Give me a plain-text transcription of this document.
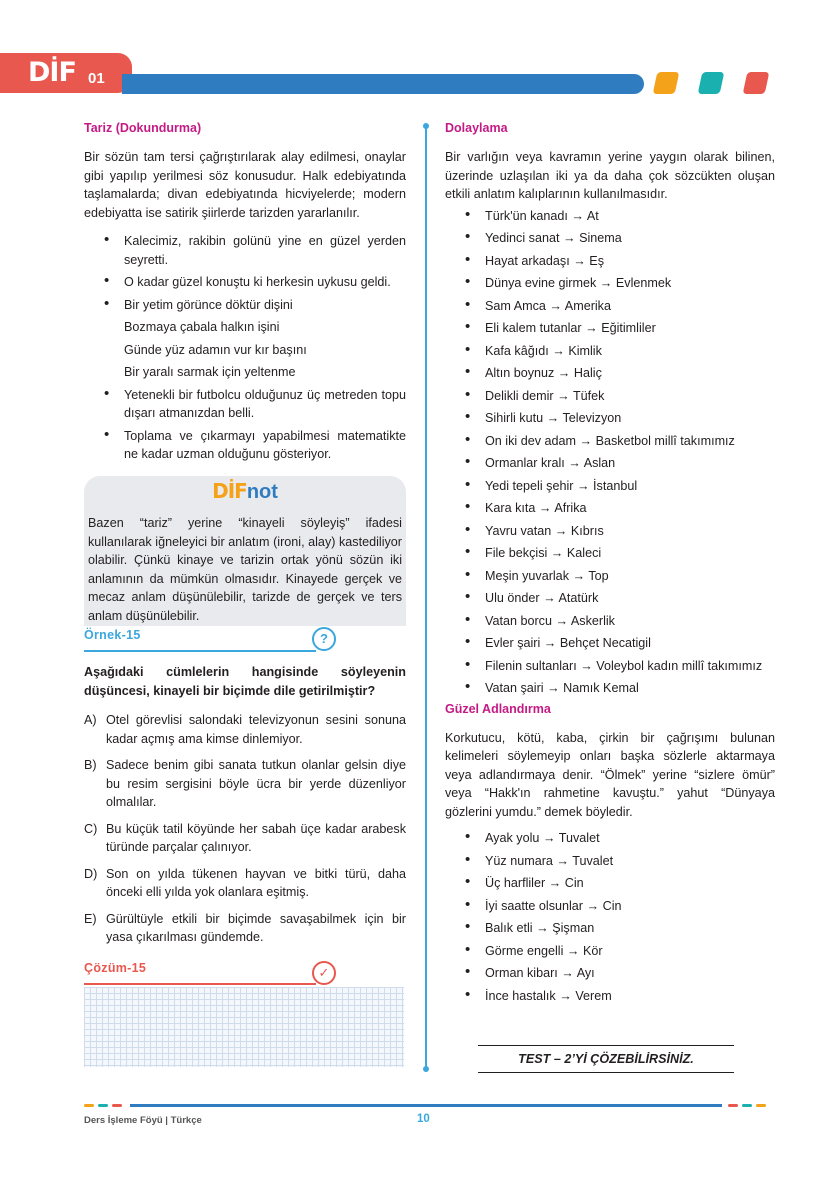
DİF 01
Tariz (Dokundurma)

Bir sözün tam tersi çağrıştırılarak alay edilmesi, onaylar gibi yapılıp yerilmesi söz konusudur. Halk edebiyatında taşlamalarda; divan edebiyatında hicviyelerde; modern edebiyatta ise satirik şiirlerde tarizden yararlanılır.

• Kalecimiz, rakibin golünü yine en güzel yerden seyretti.
• O kadar güzel konuştu ki herkesin uykusu geldi.
• Bir yetim görünce döktür dişini
Bozmaya çabala halkın işini
Günde yüz adamın vur kır başını
Bir yaralı sarmak için yeltenme
• Yetenekli bir futbolcu olduğunuz üç metreden topu dışarı atmanızdan belli.
• Toplama ve çıkarmayı yapabilmesi matematikte ne kadar uzman olduğunu gösteriyor.
DİFnot
Bazen “tariz” yerine “kinayeli söyleyiş” ifadesi kullanılarak iğneleyici bir anlatım (ironi, alay) kastediliyor olabilir. Çünkü kinaye ve tarizin ortak yönü sözün iki anlamının da mümkün olmasıdır. Kinayede gerçek ve mecaz anlam düşünülebilir, tarizde de gerçek ve ters anlam düşünülebilir.
Örnek-15	?
Aşağıdaki cümlelerin hangisinde söyleyenin düşüncesi, kinayeli bir biçimde dile getirilmiştir?
A) Otel görevlisi salondaki televizyonun sesini sonuna kadar açmış ama kimse dinlemiyor.
B) Sadece benim gibi sanata tutkun olanlar gelsin diye bu resim sergisini böyle ücra bir yerde düzenliyor olmalılar.
C) Bu küçük tatil köyünde her sabah üçe kadar arabesk türünde parçalar çalınıyor.
D) Son on yılda tükenen hayvan ve bitki türü, daha önceki elli yılda yok olanlara eşitmiş.
E) Gürültüyle etkili bir biçimde savaşabilmek için bir yasa çıkarılması gündemde.
Çözüm-15	✓
Dolaylama

Bir varlığın veya kavramın yerine yaygın olarak bilinen, üzerinde uzlaşılan iki ya da daha çok sözcükten oluşan etkili anlatım kalıplarının kullanılmasıdır.

• Türk'ün kanadı → At
• Yedinci sanat → Sinema
• Hayat arkadaşı → Eş
• Dünya evine girmek → Evlenmek
• Sam Amca → Amerika
• Eli kalem tutanlar → Eğitimliler
• Kafa kâğıdı → Kimlik
• Altın boynuz → Haliç
• Delikli demir → Tüfek
• Sihirli kutu → Televizyon
• On iki dev adam → Basketbol millî takımımız
• Ormanlar kralı → Aslan
• Yedi tepeli şehir → İstanbul
• Kara kıta → Afrika
• Yavru vatan → Kıbrıs
• File bekçisi → Kaleci
• Meşin yuvarlak → Top
• Ulu önder → Atatürk
• Vatan borcu → Askerlik
• Evler şairi → Behçet Necatigil
• Filenin sultanları → Voleybol kadın millî takımımız
• Vatan şairi → Namık Kemal
Güzel Adlandırma

Korkutucu, kötü, kaba, çirkin bir çağrışımı bulunan kelimeleri söylemeyip onları başka sözlerle aktarmaya veya adlandırmaya denir. “Ölmek” yerine “sizlere ömür” veya “Hakk'ın rahmetine kavuştu.” yahut “Dünyaya gözlerini yumdu.” demek böyledir.

• Ayak yolu → Tuvalet
• Yüz numara → Tuvalet
• Üç harfliler → Cin
• İyi saatte olsunlar → Cin
• Balık etli → Şişman
• Görme engelli → Kör
• Orman kibarı → Ayı
• İnce hastalık → Verem
TEST – 2’Yİ ÇÖZEBİLİRSİNİZ.
Ders İşleme Föyü | Türkçe	10
